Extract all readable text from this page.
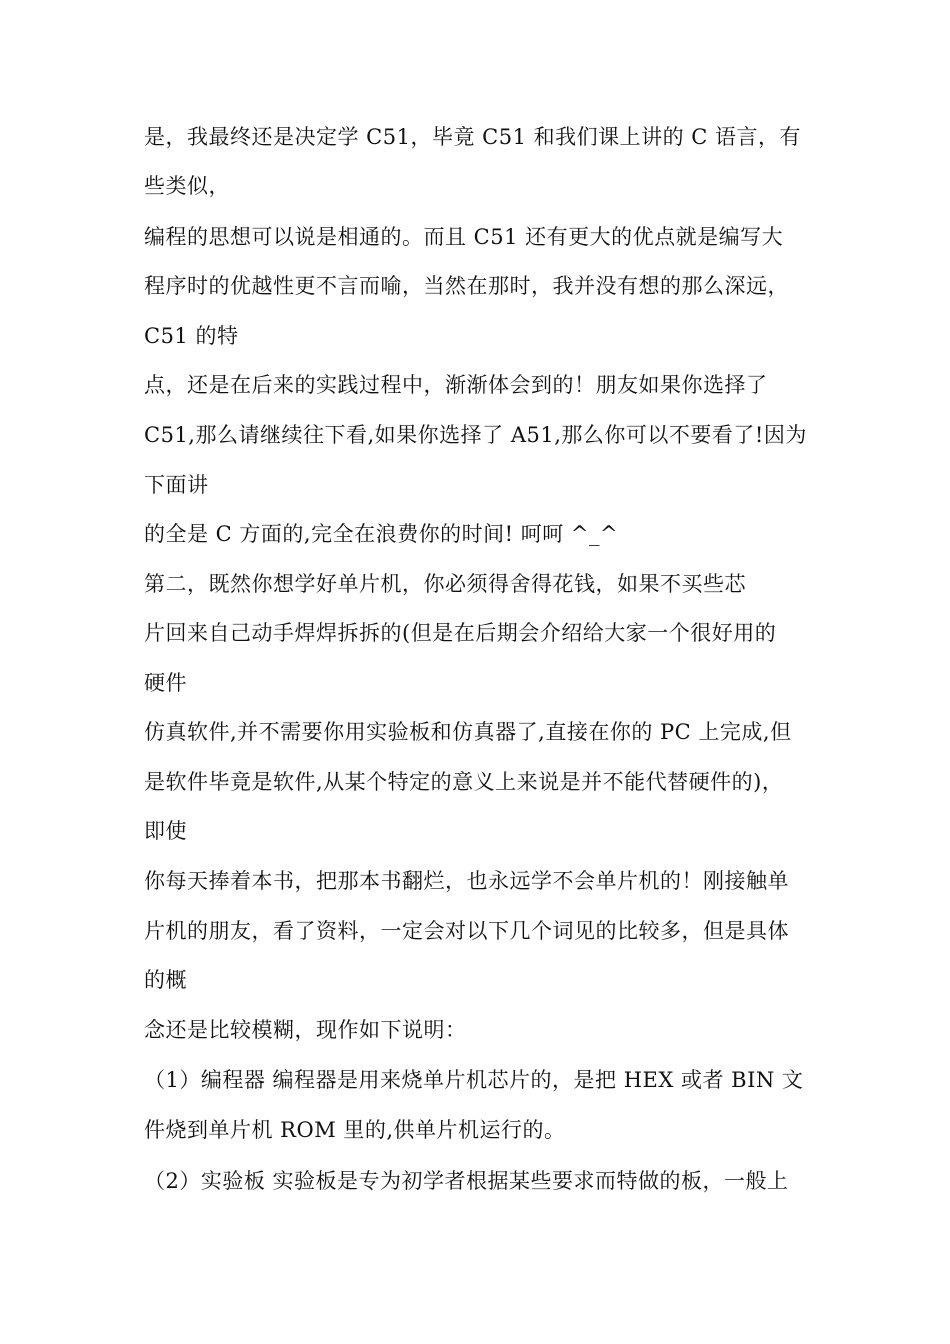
是，我最终还是决定学 C51，毕竟 C51 和我们课上讲的 C 语言，有
些类似，
编程的思想可以说是相通的。而且 C51 还有更大的优点就是编写大
程序时的优越性更不言而喻，当然在那时，我并没有想的那么深远，
C51 的特
点，还是在后来的实践过程中，渐渐体会到的！朋友如果你选择了
C51,那么请继续往下看,如果你选择了 A51,那么你可以不要看了!因为
下面讲
的全是 C 方面的,完全在浪费你的时间! 呵呵 ^_^
第二，既然你想学好单片机，你必须得舍得花钱，如果不买些芯
片回来自己动手焊焊拆拆的(但是在后期会介绍给大家一个很好用的
硬件
仿真软件,并不需要你用实验板和仿真器了,直接在你的 PC 上完成,但
是软件毕竟是软件,从某个特定的意义上来说是并不能代替硬件的)，
即使
你每天捧着本书，把那本书翻烂，也永远学不会单片机的！刚接触单
片机的朋友，看了资料，一定会对以下几个词见的比较多，但是具体
的概
念还是比较模糊，现作如下说明：
（1）编程器 编程器是用来烧单片机芯片的，是把 HEX 或者 BIN 文
件烧到单片机 ROM 里的,供单片机运行的。
（2）实验板 实验板是专为初学者根据某些要求而特做的板，一般上
